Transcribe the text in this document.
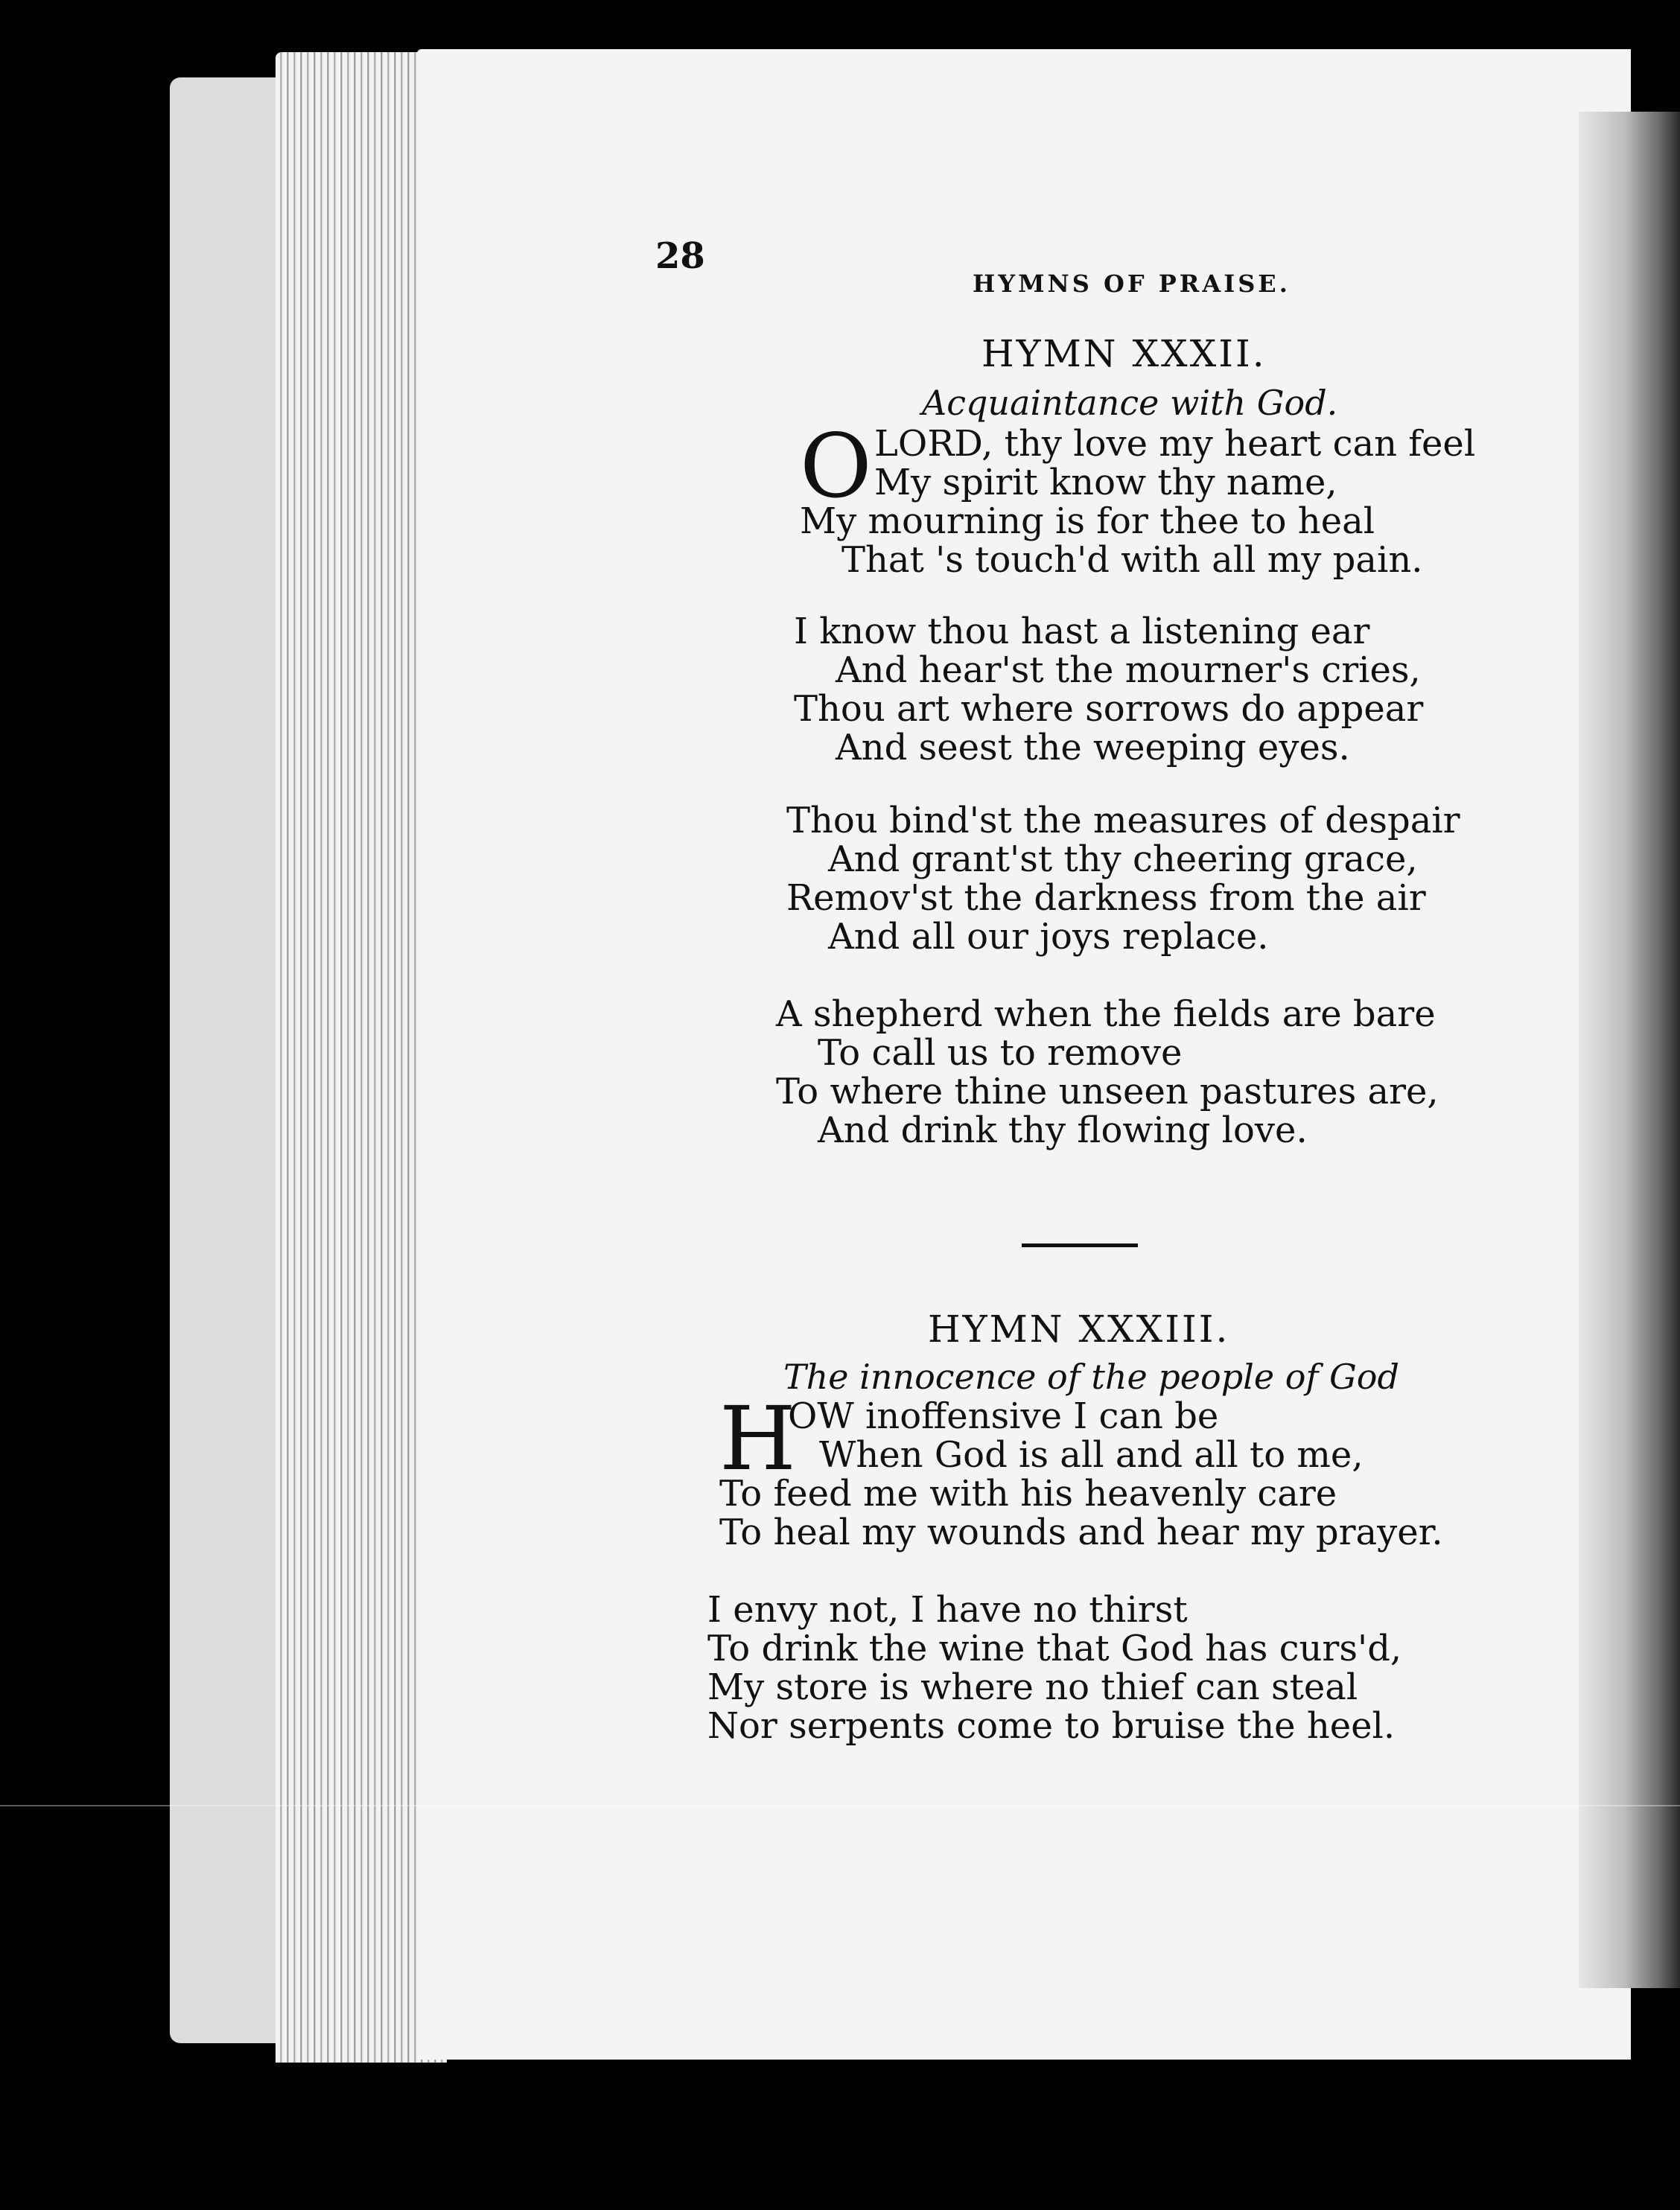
28

HYMNS OF PRAISE.

HYMN XXXII.

Acquaintance with God.

O LORD, thy love my heart can feel
My spirit know thy name,
My mourning is for thee to heal
That 's touch'd with all my pain.
I know thou hast a listening ear
And hear'st the mourner's cries,
Thou art where sorrows do appear
And seest the weeping eyes.
Thou bind'st the measures of despair
And grant'st thy cheering grace,
Remov'st the darkness from the air
And all our joys replace.
A shepherd when the fields are bare
To call us to remove
To where thine unseen pastures are,
And drink thy flowing love.
HYMN XXXIII.

The innocence of the people of God

H
OW inoffensive I can be
When God is all and all to me,
To feed me with his heavenly care
To heal my wounds and hear my prayer.
I envy not, I have no thirst
To drink the wine that God has curs'd,
My store is where no thief can steal
Nor serpents come to bruise the heel.
